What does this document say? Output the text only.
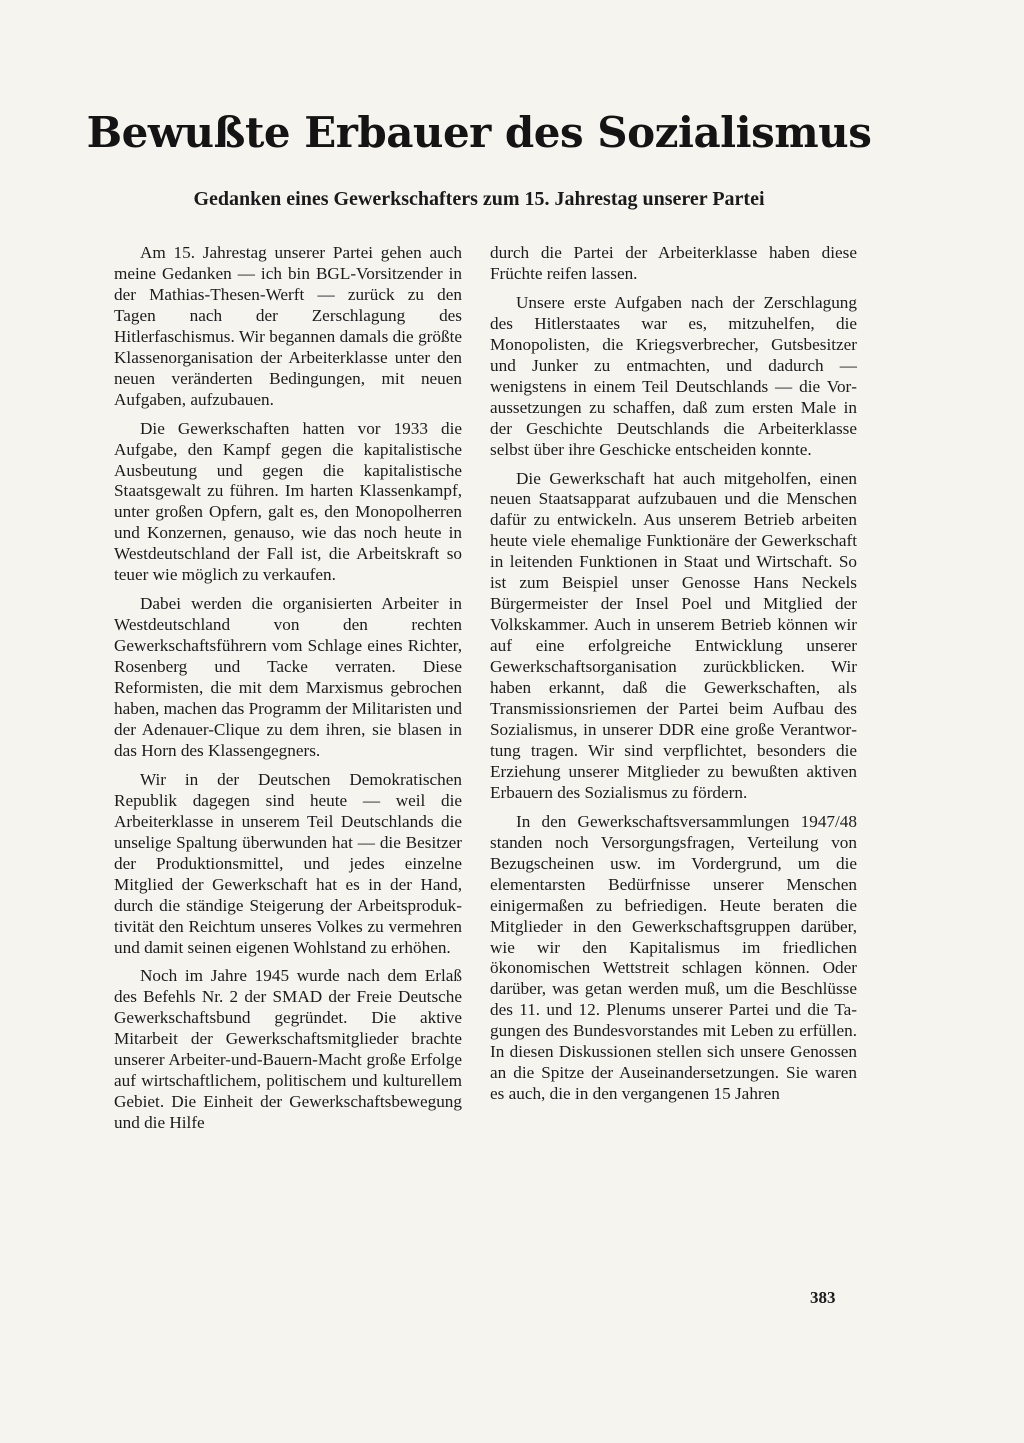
Bewußte Erbauer des Sozialismus
Gedanken eines Gewerkschafters zum 15. Jahrestag unserer Partei

Am 15. Jahrestag unserer Partei gehen auch meine Gedanken — ich bin BGL-Vorsitzender in der Mathias-Thesen-Werft — zurück zu den Tagen nach der Zerschlagung des Hitlerfaschismus. Wir begannen damals die größte Klassenorganisation der Arbeiterklasse unter den neuen veränderten Bedingungen, mit neuen Aufgaben, aufzubauen.

Die Gewerkschaften hatten vor 1933 die Aufgabe, den Kampf gegen die kapitalistische Ausbeutung und gegen die kapitalistische Staatsgewalt zu führen. Im harten Klassenkampf, unter großen Opfern, galt es, den Monopolherren und Konzernen, genauso, wie das noch heute in Westdeutschland der Fall ist, die Arbeitskraft so teuer wie möglich zu verkaufen.

Dabei werden die organisierten Arbeiter in Westdeutschland von den rechten Gewerkschaftsführern vom Schlage eines Richter, Rosenberg und Tacke verraten. Diese Reformisten, die mit dem Marxismus gebrochen haben, machen das Programm der Militaristen und der Adenauer-Clique zu dem ihren, sie blasen in das Horn des Klassengegners.

Wir in der Deutschen Demokratischen Republik dagegen sind heute — weil die Arbeiterklasse in unserem Teil Deutschlands die unselige Spaltung überwunden hat — die Besitzer der Produktionsmittel, und jedes einzelne Mitglied der Gewerkschaft hat es in der Hand, durch die ständige Steigerung der Arbeitsproduktivität den Reichtum unseres Volkes zu vermehren und damit seinen eigenen Wohlstand zu erhöhen.

Noch im Jahre 1945 wurde nach dem Erlaß des Befehls Nr. 2 der SMAD der Freie Deutsche Gewerkschaftsbund gegründet. Die aktive Mitarbeit der Gewerkschaftsmitglieder brachte unserer Arbeiter-und-Bauern-Macht große Erfolge auf wirtschaftlichem, politischem und kulturellem Gebiet. Die Einheit der Gewerkschaftsbewegung und die Hilfe

durch die Partei der Arbeiterklasse haben diese Früchte reifen lassen.

Unsere erste Aufgaben nach der Zerschlagung des Hitlerstaates war es, mitzuhelfen, die Monopolisten, die Kriegsverbrecher, Gutsbesitzer und Junker zu entmachten, und dadurch — wenigstens in einem Teil Deutschlands — die Voraussetzungen zu schaffen, daß zum ersten Male in der Geschichte Deutschlands die Arbeiterklasse selbst über ihre Geschicke entscheiden konnte.

Die Gewerkschaft hat auch mitgeholfen, einen neuen Staatsapparat aufzubauen und die Menschen dafür zu entwickeln. Aus unserem Betrieb arbeiten heute viele ehemalige Funktionäre der Gewerkschaft in leitenden Funktionen in Staat und Wirtschaft. So ist zum Beispiel unser Genosse Hans Neckels Bürgermeister der Insel Poel und Mitglied der Volkskammer. Auch in unserem Betrieb können wir auf eine erfolgreiche Entwicklung unserer Gewerkschaftsorganisation zurückblicken. Wir haben erkannt, daß die Gewerkschaften, als Transmissionsriemen der Partei beim Aufbau des Sozialismus, in unserer DDR eine große Verantwortung tragen. Wir sind verpflichtet, besonders die Erziehung unserer Mitglieder zu bewußten aktiven Erbauern des Sozialismus zu fördern.

In den Gewerkschaftsversammlungen 1947/48 standen noch Versorgungsfragen, Verteilung von Bezugscheinen usw. im Vordergrund, um die elementarsten Bedürfnisse unserer Menschen einigermaßen zu befriedigen. Heute beraten die Mitglieder in den Gewerkschaftsgruppen darüber, wie wir den Kapitalismus im friedlichen ökonomischen Wettstreit schlagen können. Oder darüber, was getan werden muß, um die Beschlüsse des 11. und 12. Plenums unserer Partei und die Tagungen des Bundesvorstandes mit Leben zu erfüllen. In diesen Diskussionen stellen sich unsere Genossen an die Spitze der Auseinandersetzungen. Sie waren es auch, die in den vergangenen 15 Jahren

383
